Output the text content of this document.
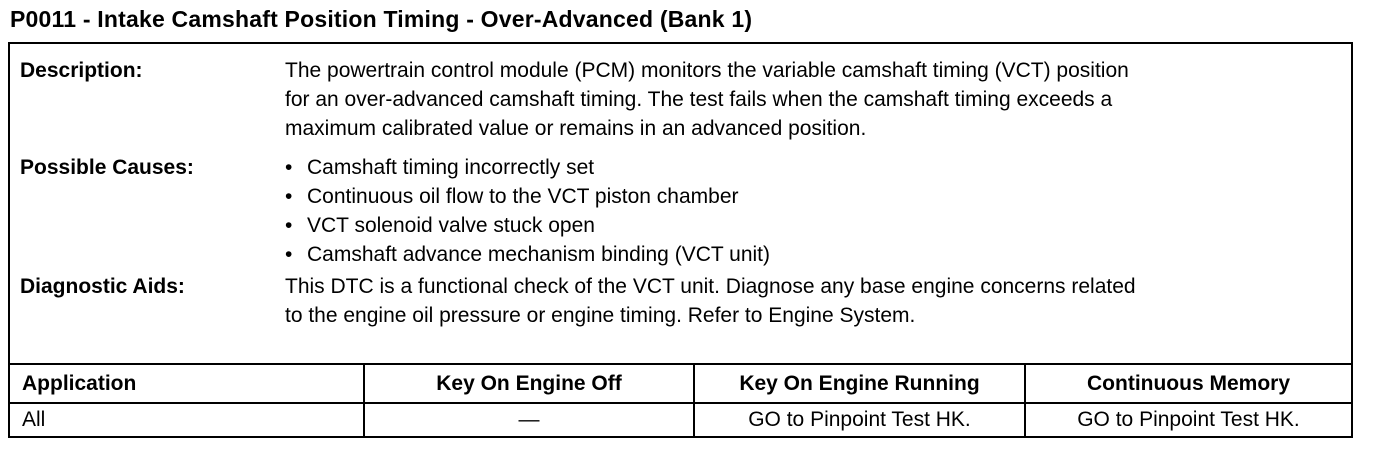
P0011 - Intake Camshaft Position Timing - Over-Advanced (Bank 1)
Description:	The powertrain control module (PCM) monitors the variable camshaft timing (VCT) position
for an over-advanced camshaft timing. The test fails when the camshaft timing exceeds a
maximum calibrated value or remains in an advanced position.
Possible Causes:	• Camshaft timing incorrectly set
• Continuous oil flow to the VCT piston chamber
• VCT solenoid valve stuck open
• Camshaft advance mechanism binding (VCT unit)
Diagnostic Aids:	This DTC is a functional check of the VCT unit. Diagnose any base engine concerns related
to the engine oil pressure or engine timing. Refer to Engine System.
Application	Key On Engine Off	Key On Engine Running	Continuous Memory
All	—	GO to Pinpoint Test HK.	GO to Pinpoint Test HK.
